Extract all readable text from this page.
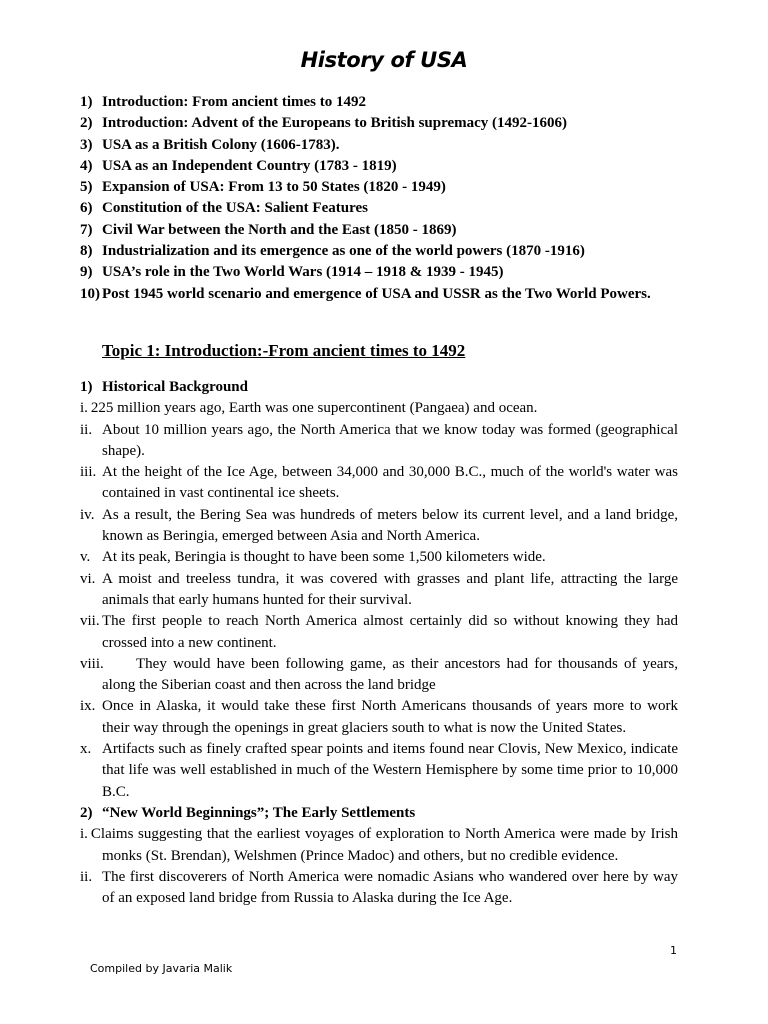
History of USA
1) Introduction: From ancient times to 1492
2) Introduction: Advent of the Europeans to British supremacy (1492-1606)
3) USA as a British Colony (1606-1783).
4) USA as an Independent Country (1783 - 1819)
5) Expansion of USA: From 13 to 50 States (1820 - 1949)
6) Constitution of the USA: Salient Features
7) Civil War between the North and the East (1850 - 1869)
8) Industrialization and its emergence as one of the world powers (1870 -1916)
9) USA’s role in the Two World Wars (1914 – 1918 & 1939 - 1945)
10) Post 1945 world scenario and emergence of USA and USSR as the Two World Powers.
Topic 1: Introduction:-From ancient times to 1492
1) Historical Background
i. 225 million years ago, Earth was one supercontinent (Pangaea) and ocean.
ii. About 10 million years ago, the North America that we know today was formed (geographical shape).
iii. At the height of the Ice Age, between 34,000 and 30,000 B.C., much of the world's water was contained in vast continental ice sheets.
iv. As a result, the Bering Sea was hundreds of meters below its current level, and a land bridge, known as Beringia, emerged between Asia and North America.
v. At its peak, Beringia is thought to have been some 1,500 kilometers wide.
vi. A moist and treeless tundra, it was covered with grasses and plant life, attracting the large animals that early humans hunted for their survival.
vii. The first people to reach North America almost certainly did so without knowing they had crossed into a new continent.
viii.	They would have been following game, as their ancestors had for thousands of years, along the Siberian coast and then across the land bridge
ix. Once in Alaska, it would take these first North Americans thousands of years more to work their way through the openings in great glaciers south to what is now the United States.
x. Artifacts such as finely crafted spear points and items found near Clovis, New Mexico, indicate that life was well established in much of the Western Hemisphere by some time prior to 10,000 B.C.
2) “New World Beginnings”; The Early Settlements
i. Claims suggesting that the earliest voyages of exploration to North America were made by Irish monks (St. Brendan), Welshmen (Prince Madoc) and others, but no credible evidence.
ii. The first discoverers of North America were nomadic Asians who wandered over here by way of an exposed land bridge from Russia to Alaska during the Ice Age.
1
Compiled by Javaria Malik
